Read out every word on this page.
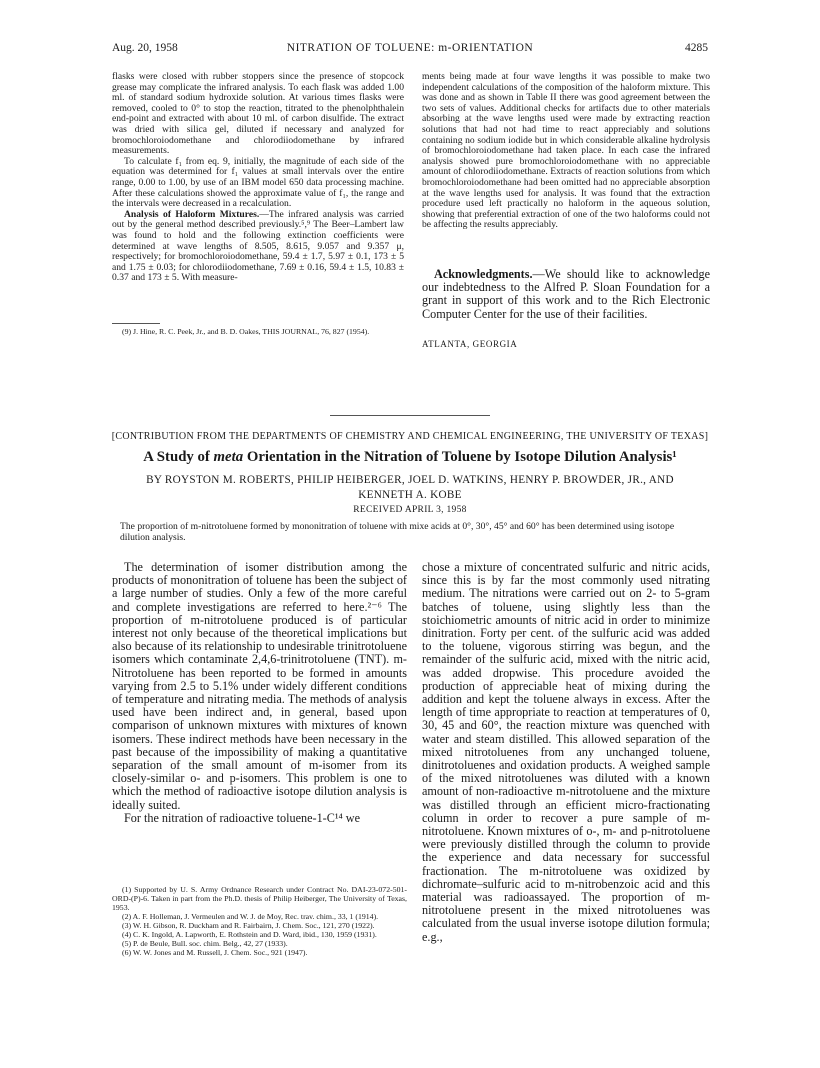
Aug. 20, 1958	NITRATION OF TOLUENE: m-ORIENTATION	4285

flasks were closed with rubber stoppers since the presence of stopcock grease may complicate the infrared analysis. To each flask was added 1.00 ml. of standard sodium hydroxide solution. At various times flasks were removed, cooled to 0° to stop the reaction, titrated to the phenolphthalein end-point and extracted with about 10 ml. of carbon disulfide. The extract was dried with silica gel, diluted if necessary and analyzed for bromochloroiodomethane and chlorodiiodomethane by infrared measurements.

To calculate f₁ from eq. 9, initially, the magnitude of each side of the equation was determined for f₁ values at small intervals over the entire range, 0.00 to 1.00, by use of an IBM model 650 data processing machine. After these calculations showed the approximate value of f₁, the range and the intervals were decreased in a recalculation.

Analysis of Haloform Mixtures.—The infrared analysis was carried out by the general method described previously.⁵,⁹ The Beer–Lambert law was found to hold and the following extinction coefficients were determined at wave lengths of 8.505, 8.615, 9.057 and 9.357 μ, respectively; for bromochloroiodomethane, 59.4 ± 1.7, 5.97 ± 0.1, 173 ± 5 and 1.75 ± 0.03; for chlorodiiodomethane, 7.69 ± 0.16, 59.4 ± 1.5, 10.83 ± 0.37 and 173 ± 5. With measure-

(9) J. Hine, R. C. Peek, Jr., and B. D. Oakes, THIS JOURNAL, 76, 827 (1954).

ments being made at four wave lengths it was possible to make two independent calculations of the composition of the haloform mixture. This was done and as shown in Table II there was good agreement between the two sets of values. Additional checks for artifacts due to other materials absorbing at the wave lengths used were made by extracting reaction solutions that had not had time to react appreciably and solutions containing no sodium iodide but in which considerable alkaline hydrolysis of bromochloroiodomethane had taken place. In each case the infrared analysis showed pure bromochloroiodomethane with no appreciable amount of chlorodiiodomethane. Extracts of reaction solutions from which bromochloroiodomethane had been omitted had no appreciable absorption at the wave lengths used for analysis. It was found that the extraction procedure used left practically no haloform in the aqueous solution, showing that preferential extraction of one of the two haloforms could not be affecting the results appreciably.

Acknowledgments.—We should like to acknowledge our indebtedness to the Alfred P. Sloan Foundation for a grant in support of this work and to the Rich Electronic Computer Center for the use of their facilities.

ATLANTA, GEORGIA
[CONTRIBUTION FROM THE DEPARTMENTS OF CHEMISTRY AND CHEMICAL ENGINEERING, THE UNIVERSITY OF TEXAS]
A Study of meta Orientation in the Nitration of Toluene by Isotope Dilution Analysis¹
BY ROYSTON M. ROBERTS, PHILIP HEIBERGER, JOEL D. WATKINS, HENRY P. BROWDER, JR., AND
KENNETH A. KOBE
RECEIVED APRIL 3, 1958
The proportion of m-nitrotoluene formed by mononitration of toluene with mixe acids at 0°, 30°, 45° and 60° has been determined using isotope dilution analysis.

The determination of isomer distribution among the products of mononitration of toluene has been the subject of a large number of studies. Only a few of the more careful and complete investigations are referred to here.²⁻⁶ The proportion of m-nitrotoluene produced is of particular interest not only because of the theoretical implications but also because of its relationship to undesirable trinitrotoluene isomers which contaminate 2,4,6-trinitrotoluene (TNT). m-Nitrotoluene has been reported to be formed in amounts varying from 2.5 to 5.1% under widely different conditions of temperature and nitrating media. The methods of analysis used have been indirect and, in general, based upon comparison of unknown mixtures with mixtures of known isomers. These indirect methods have been necessary in the past because of the impossibility of making a quantitative separation of the small amount of m-isomer from its closely-similar o- and p-isomers. This problem is one to which the method of radioactive isotope dilution analysis is ideally suited.

For the nitration of radioactive toluene-1-C¹⁴ we

(1) Supported by U. S. Army Ordnance Research under Contract No. DAI-23-072-501-ORD-(P)-6. Taken in part from the Ph.D. thesis of Philip Heiberger, The University of Texas, 1953.

(2) A. F. Holleman, J. Vermeulen and W. J. de Moy, Rec. trav. chim., 33, 1 (1914).

(3) W. H. Gibson, R. Duckham and R. Fairbairn, J. Chem. Soc., 121, 270 (1922).

(4) C. K. Ingold, A. Lapworth, E. Rothstein and D. Ward, ibid., 130, 1959 (1931).

(5) P. de Beule, Bull. soc. chim. Belg., 42, 27 (1933).

(6) W. W. Jones and M. Russell, J. Chem. Soc., 921 (1947).

chose a mixture of concentrated sulfuric and nitric acids, since this is by far the most commonly used nitrating medium. The nitrations were carried out on 2- to 5-gram batches of toluene, using slightly less than the stoichiometric amounts of nitric acid in order to minimize dinitration. Forty per cent. of the sulfuric acid was added to the toluene, vigorous stirring was begun, and the remainder of the sulfuric acid, mixed with the nitric acid, was added dropwise. This procedure avoided the production of appreciable heat of mixing during the addition and kept the toluene always in excess. After the length of time appropriate to reaction at temperatures of 0, 30, 45 and 60°, the reaction mixture was quenched with water and steam distilled. This allowed separation of the mixed nitrotoluenes from any unchanged toluene, dinitrotoluenes and oxidation products. A weighed sample of the mixed nitrotoluenes was diluted with a known amount of non-radioactive m-nitrotoluene and the mixture was distilled through an efficient micro-fractionating column in order to recover a pure sample of m-nitrotoluene. Known mixtures of o-, m- and p-nitrotoluene were previously distilled through the column to provide the experience and data necessary for successful fractionation. The m-nitrotoluene was oxidized by dichromate–sulfuric acid to m-nitrobenzoic acid and this material was radioassayed. The proportion of m-nitrotoluene present in the mixed nitrotoluenes was calculated from the usual inverse isotope dilution formula; e.g.,
